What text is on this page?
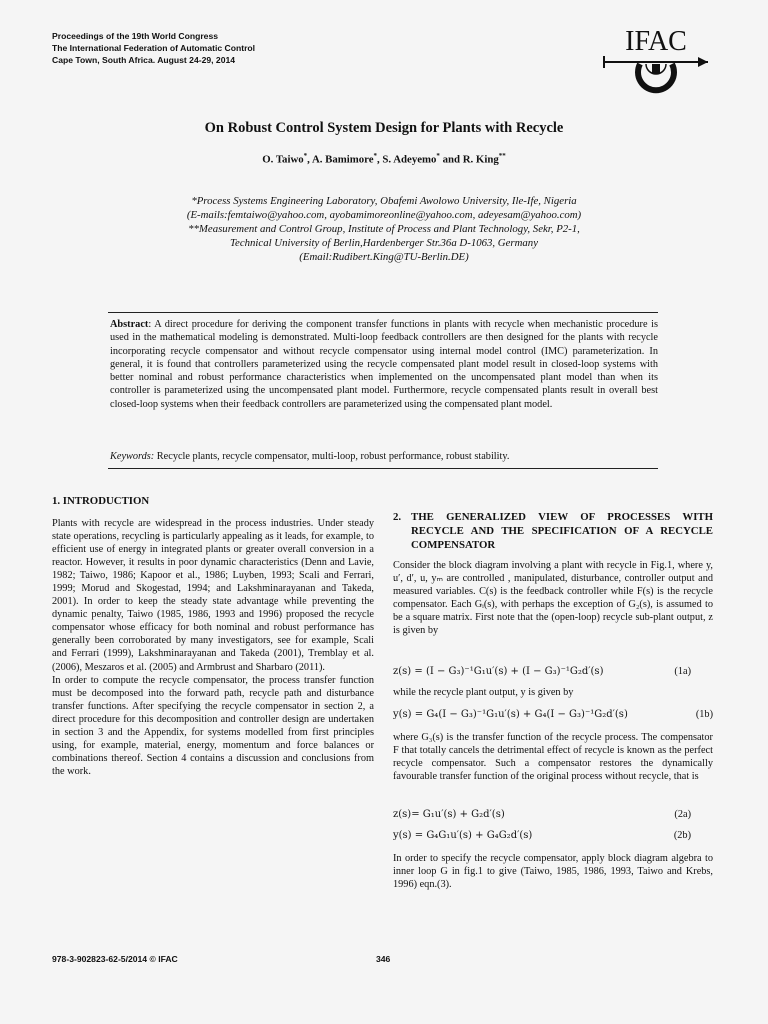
Proceedings of the 19th World Congress
The International Federation of Automatic Control
Cape Town, South Africa. August 24-29, 2014
IFAC
On Robust Control System Design for Plants with Recycle
O. Taiwo*, A. Bamimore*, S. Adeyemo* and R. King**
*Process Systems Engineering Laboratory, Obafemi Awolowo University, Ile-Ife, Nigeria
(E-mails:femtaiwo@yahoo.com, ayobamimoreonline@yahoo.com, adeyesam@yahoo.com)
**Measurement and Control Group, Institute of Process and Plant Technology, Sekr, P2-1,
Technical University of Berlin,Hardenberger Str.36a D-1063, Germany
(Email:Rudibert.King@TU-Berlin.DE)
Abstract: A direct procedure for deriving the component transfer functions in plants with recycle when mechanistic procedure is used in the mathematical modeling is demonstrated. Multi-loop feedback controllers are then designed for the plants with recycle incorporating recycle compensator and without recycle compensator using internal model control (IMC) parameterization. In general, it is found that controllers parameterized using the recycle compensated plant model result in closed-loop systems with better nominal and robust performance characteristics when implemented on the uncompensated plant model than when its controller is parameterized using the uncompensated plant model. Furthermore, recycle compensated plants result in overall best closed-loop systems when their feedback controllers are parameterized using the compensated plant model.
Keywords: Recycle plants, recycle compensator, multi-loop, robust performance, robust stability.
1. INTRODUCTION

Plants with recycle are widespread in the process industries. Under steady state operations, recycling is particularly appealing as it leads, for example, to efficient use of energy in integrated plants or greater overall conversion in a reactor. However, it results in poor dynamic characteristics (Denn and Lavie, 1982; Taiwo, 1986; Kapoor et al., 1986; Luyben, 1993; Scali and Ferrari, 1999; Morud and Skogestad, 1994; and Lakshminarayanan and Takeda, 2001). In order to keep the steady state advantage while preventing the dynamic penalty, Taiwo (1985, 1986, 1993 and 1996) proposed the recycle compensator whose efficacy for both nominal and robust performance has generally been corroborated by many investigators, see for example, Scali and Ferrari (1999), Lakshminarayanan and Takeda (2001), Tremblay et al. (2006), Meszaros et al. (2005) and Armbrust and Sharbaro (2011).

In order to compute the recycle compensator, the process transfer function must be decomposed into the forward path, recycle path and disturbance transfer functions. After specifying the recycle compensator in section 2, a direct procedure for this decomposition and controller design are undertaken in section 3 and the Appendix, for systems modelled from first principles using, for example, material, energy, momentum and force balances or combinations thereof. Section 4 contains a discussion and conclusions from the work.

2. THE GENERALIZED VIEW OF PROCESSES WITH RECYCLE AND THE SPECIFICATION OF A RECYCLE COMPENSATOR
Consider the block diagram involving a plant with recycle in Fig.1, where y, u′, d′, u, yₘ are controlled , manipulated, disturbance, controller output and measured variables. C(s) is the feedback controller while F(s) is the recycle compensator. Each Gᵢ(s), with perhaps the exception of G₂(s), is assumed to be a square matrix. First note that the (open-loop) recycle sub-plant output, z is given by
z(s) = (I − G₃)⁻¹G₁u′(s) + (I − G₃)⁻¹G₂d′(s)	(1a)
while the recycle plant output, y is given by
y(s) = G₄(I − G₃)⁻¹G₁u′(s) + G₄(I − G₃)⁻¹G₂d′(s)	(1b)
where G₃(s) is the transfer function of the recycle process. The compensator F that totally cancels the detrimental effect of recycle is known as the perfect recycle compensator. Such a compensator restores the dynamically favourable transfer function of the original process without recycle, that is
z(s)= G₁u′(s) + G₂d′(s)	(2a)
y(s) = G₄G₁u′(s) + G₄G₂d′(s)	(2b)
In order to specify the recycle compensator, apply block diagram algebra to inner loop G in fig.1 to give (Taiwo, 1985, 1986, 1993, Taiwo and Krebs, 1996) eqn.(3).
978-3-902823-62-5/2014 © IFAC	346
